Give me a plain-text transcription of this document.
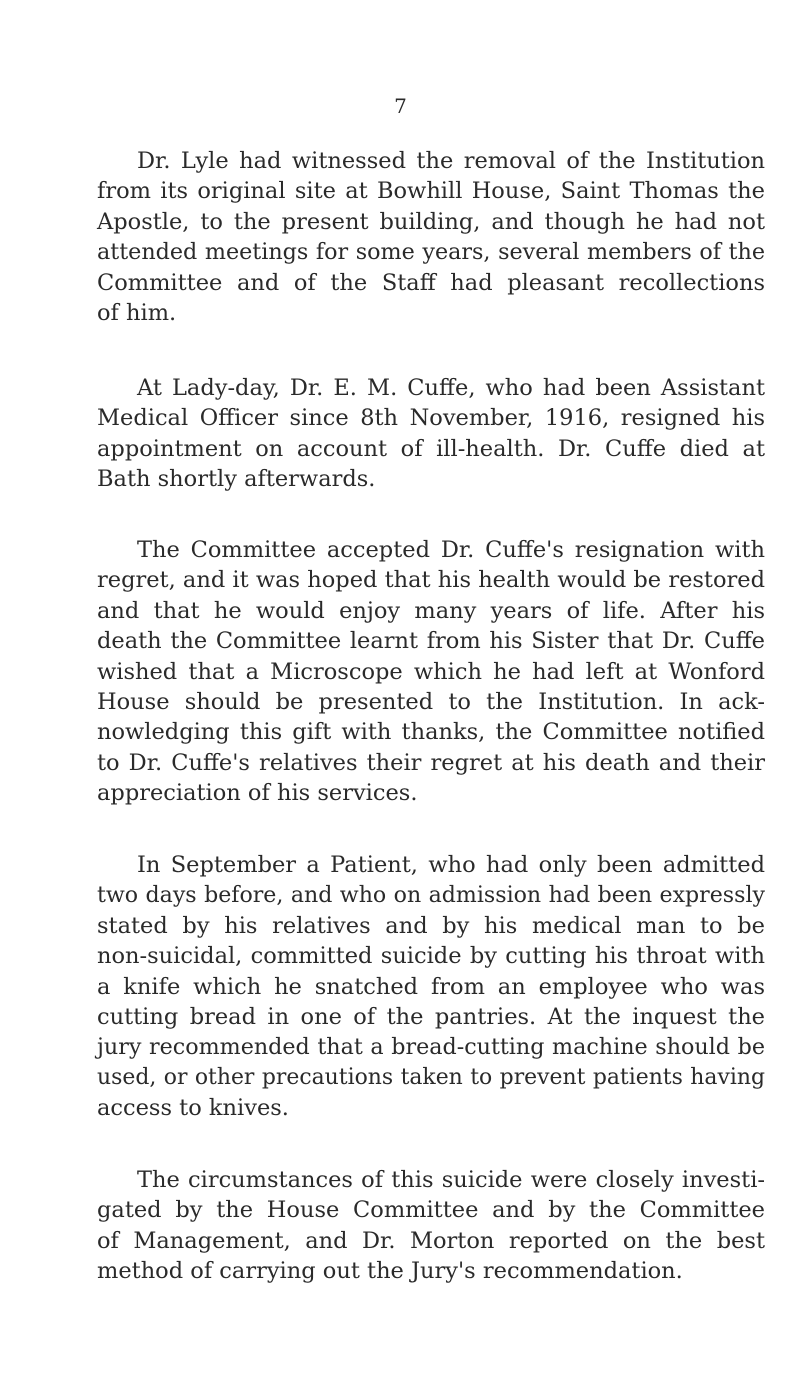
7
Dr. Lyle had witnessed the removal of the Institution
from its original site at Bowhill House, Saint Thomas the
Apostle, to the present building, and though he had not
attended meetings for some years, several members of the
Committee and of the Staff had pleasant recollections
of him.
At Lady-day, Dr. E. M. Cuffe, who had been Assistant
Medical Officer since 8th November, 1916, resigned his
appointment on account of ill-health. Dr. Cuffe died at
Bath shortly afterwards.
The Committee accepted Dr. Cuffe's resignation with
regret, and it was hoped that his health would be restored
and that he would enjoy many years of life. After his
death the Committee learnt from his Sister that Dr. Cuffe
wished that a Microscope which he had left at Wonford
House should be presented to the Institution. In ack-
nowledging this gift with thanks, the Committee notified
to Dr. Cuffe's relatives their regret at his death and their
appreciation of his services.
In September a Patient, who had only been admitted
two days before, and who on admission had been expressly
stated by his relatives and by his medical man to be
non-suicidal, committed suicide by cutting his throat with
a knife which he snatched from an employee who was
cutting bread in one of the pantries. At the inquest the
jury recommended that a bread-cutting machine should be
used, or other precautions taken to prevent patients having
access to knives.
The circumstances of this suicide were closely investi-
gated by the House Committee and by the Committee
of Management, and Dr. Morton reported on the best
method of carrying out the Jury's recommendation.
